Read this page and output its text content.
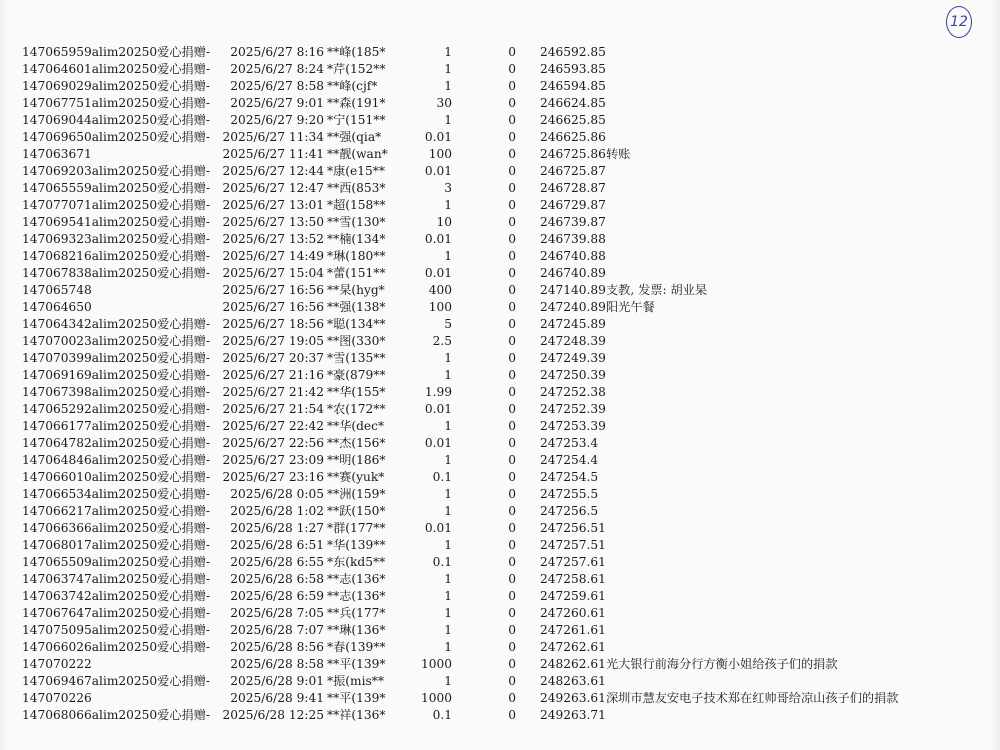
12
147065959alim20250爱心捐赠-	2025/6/27 8:16 **峰(185*	1	0 246592.85
147064601alim20250爱心捐赠-	2025/6/27 8:24 *芹(152**	1	0 246593.85
147069029alim20250爱心捐赠-	2025/6/27 8:58 **峰(cjf*	1	0 246594.85
147067751alim20250爱心捐赠-	2025/6/27 9:01 **森(191*	30	0 246624.85
147069044alim20250爱心捐赠-	2025/6/27 9:20 *宁(151**	1	0 246625.85
147069650alim20250爱心捐赠-	2025/6/27 11:34 **强(qia*	0.01	0 246625.86
147063671	2025/6/27 11:41 **靓(wan*	100	0 246725.86 转账
147069203alim20250爱心捐赠-	2025/6/27 12:44 *康(e15**	0.01	0 246725.87
147065559alim20250爱心捐赠-	2025/6/27 12:47 **西(853*	3	0 246728.87
147077071alim20250爱心捐赠-	2025/6/27 13:01 *超(158**	1	0 246729.87
147069541alim20250爱心捐赠-	2025/6/27 13:50 **雪(130*	10	0 246739.87
147069323alim20250爱心捐赠-	2025/6/27 13:52 **楠(134*	0.01	0 246739.88
147068216alim20250爱心捐赠-	2025/6/27 14:49 *琳(180**	1	0 246740.88
147067838alim20250爱心捐赠-	2025/6/27 15:04 *蕾(151**	0.01	0 246740.89
147065748	2025/6/27 16:56 **杲(hyg*	400	0 247140.89 支教, 发票: 胡业杲
147064650	2025/6/27 16:56 **强(138*	100	0 247240.89 阳光午餐
147064342alim20250爱心捐赠-	2025/6/27 18:56 *聪(134**	5	0 247245.89
147070023alim20250爱心捐赠-	2025/6/27 19:05 **图(330*	2.5	0 247248.39
147070399alim20250爱心捐赠-	2025/6/27 20:37 *雪(135**	1	0 247249.39
147069169alim20250爱心捐赠-	2025/6/27 21:16 *豪(879**	1	0 247250.39
147067398alim20250爱心捐赠-	2025/6/27 21:42 **华(155*	1.99	0 247252.38
147065292alim20250爱心捐赠-	2025/6/27 21:54 *农(172**	0.01	0 247252.39
147066177alim20250爱心捐赠-	2025/6/27 22:42 **华(dec*	1	0 247253.39
147064782alim20250爱心捐赠-	2025/6/27 22:56 **杰(156*	0.01	0 247253.4
147064846alim20250爱心捐赠-	2025/6/27 23:09 **明(186*	1	0 247254.4
147066010alim20250爱心捐赠-	2025/6/27 23:16 **赛(yuk*	0.1	0 247254.5
147066534alim20250爱心捐赠-	2025/6/28 0:05 **洲(159*	1	0 247255.5
147066217alim20250爱心捐赠-	2025/6/28 1:02 **跃(150*	1	0 247256.5
147066366alim20250爱心捐赠-	2025/6/28 1:27 *群(177**	0.01	0 247256.51
147068017alim20250爱心捐赠-	2025/6/28 6:51 *华(139**	1	0 247257.51
147065509alim20250爱心捐赠-	2025/6/28 6:55 *东(kd5**	0.1	0 247257.61
147063747alim20250爱心捐赠-	2025/6/28 6:58 **志(136*	1	0 247258.61
147063742alim20250爱心捐赠-	2025/6/28 6:59 **志(136*	1	0 247259.61
147067647alim20250爱心捐赠-	2025/6/28 7:05 **兵(177*	1	0 247260.61
147075095alim20250爱心捐赠-	2025/6/28 7:07 **琳(136*	1	0 247261.61
147066026alim20250爱心捐赠-	2025/6/28 8:56 *春(139**	1	0 247262.61
147070222	2025/6/28 8:58 **平(139*	1000	0 248262.61 光大银行前海分行方衡小姐给孩子们的捐款
147069467alim20250爱心捐赠-	2025/6/28 9:01 *振(mis**	1	0 248263.61
147070226	2025/6/28 9:41 **平(139*	1000	0 249263.61 深圳市慧友安电子技术郑在红帅哥给凉山孩子们的捐款
147068066alim20250爱心捐赠-	2025/6/28 12:25 **祥(136*	0.1	0 249263.71
